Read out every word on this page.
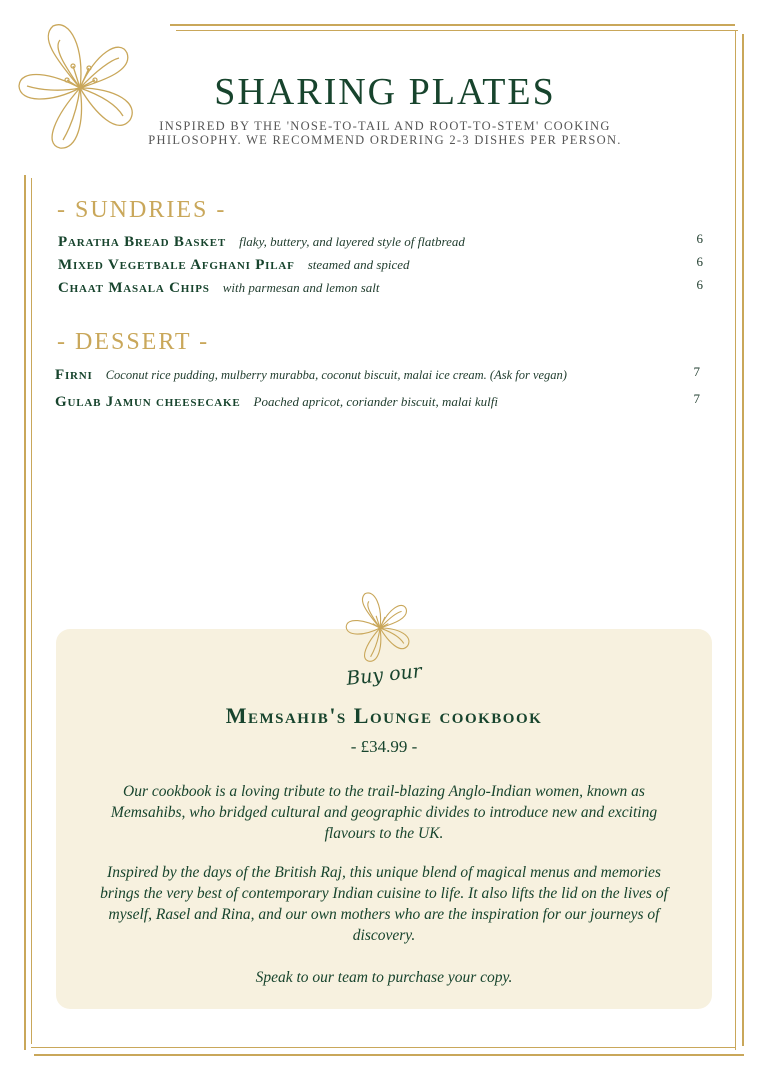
SHARING PLATES

INSPIRED BY THE 'NOSE-TO-TAIL AND ROOT-TO-STEM' COOKING PHILOSOPHY. WE RECOMMEND ORDERING 2-3 DISHES PER PERSON.

- SUNDRIES -
Paratha Bread Basket flaky, buttery, and layered style of flatbread	6
Mixed Vegetbale Afghani Pilaf steamed and spiced	6
Chaat Masala Chips with parmesan and lemon salt	6
- DESSERT -
Firni Coconut rice pudding, mulberry murabba, coconut biscuit, malai ice cream. (Ask for vegan)	7
Gulab Jamun cheesecake Poached apricot, coriander biscuit, malai kulfi	7
Buy our
Memsahib's Lounge cookbook
- £34.99 -

Our cookbook is a loving tribute to the trail-blazing Anglo-Indian women, known as Memsahibs, who bridged cultural and geographic divides to introduce new and exciting flavours to the UK.

Inspired by the days of the British Raj, this unique blend of magical menus and memories brings the very best of contemporary Indian cuisine to life. It also lifts the lid on the lives of myself, Rasel and Rina, and our own mothers who are the inspiration for our journeys of discovery.

Speak to our team to purchase your copy.
